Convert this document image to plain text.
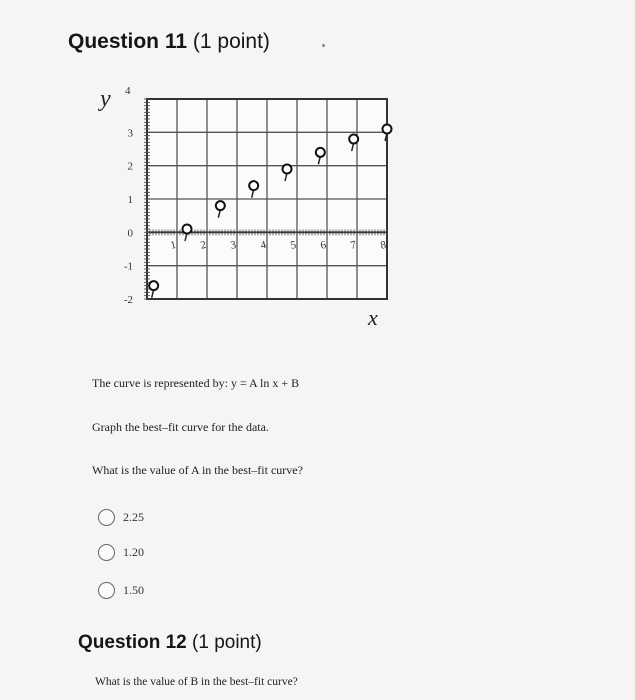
Question 11 (1 point)
3
2
1
0
-1
-2
4
1 2 3 4 5 6 7 8
y
x
The curve is represented by: y = A ln x + B
Graph the best–fit curve for the data.
What is the value of A in the best–fit curve?
2.25
1.20
1.50
Question 12 (1 point)
What is the value of B in the best–fit curve?
